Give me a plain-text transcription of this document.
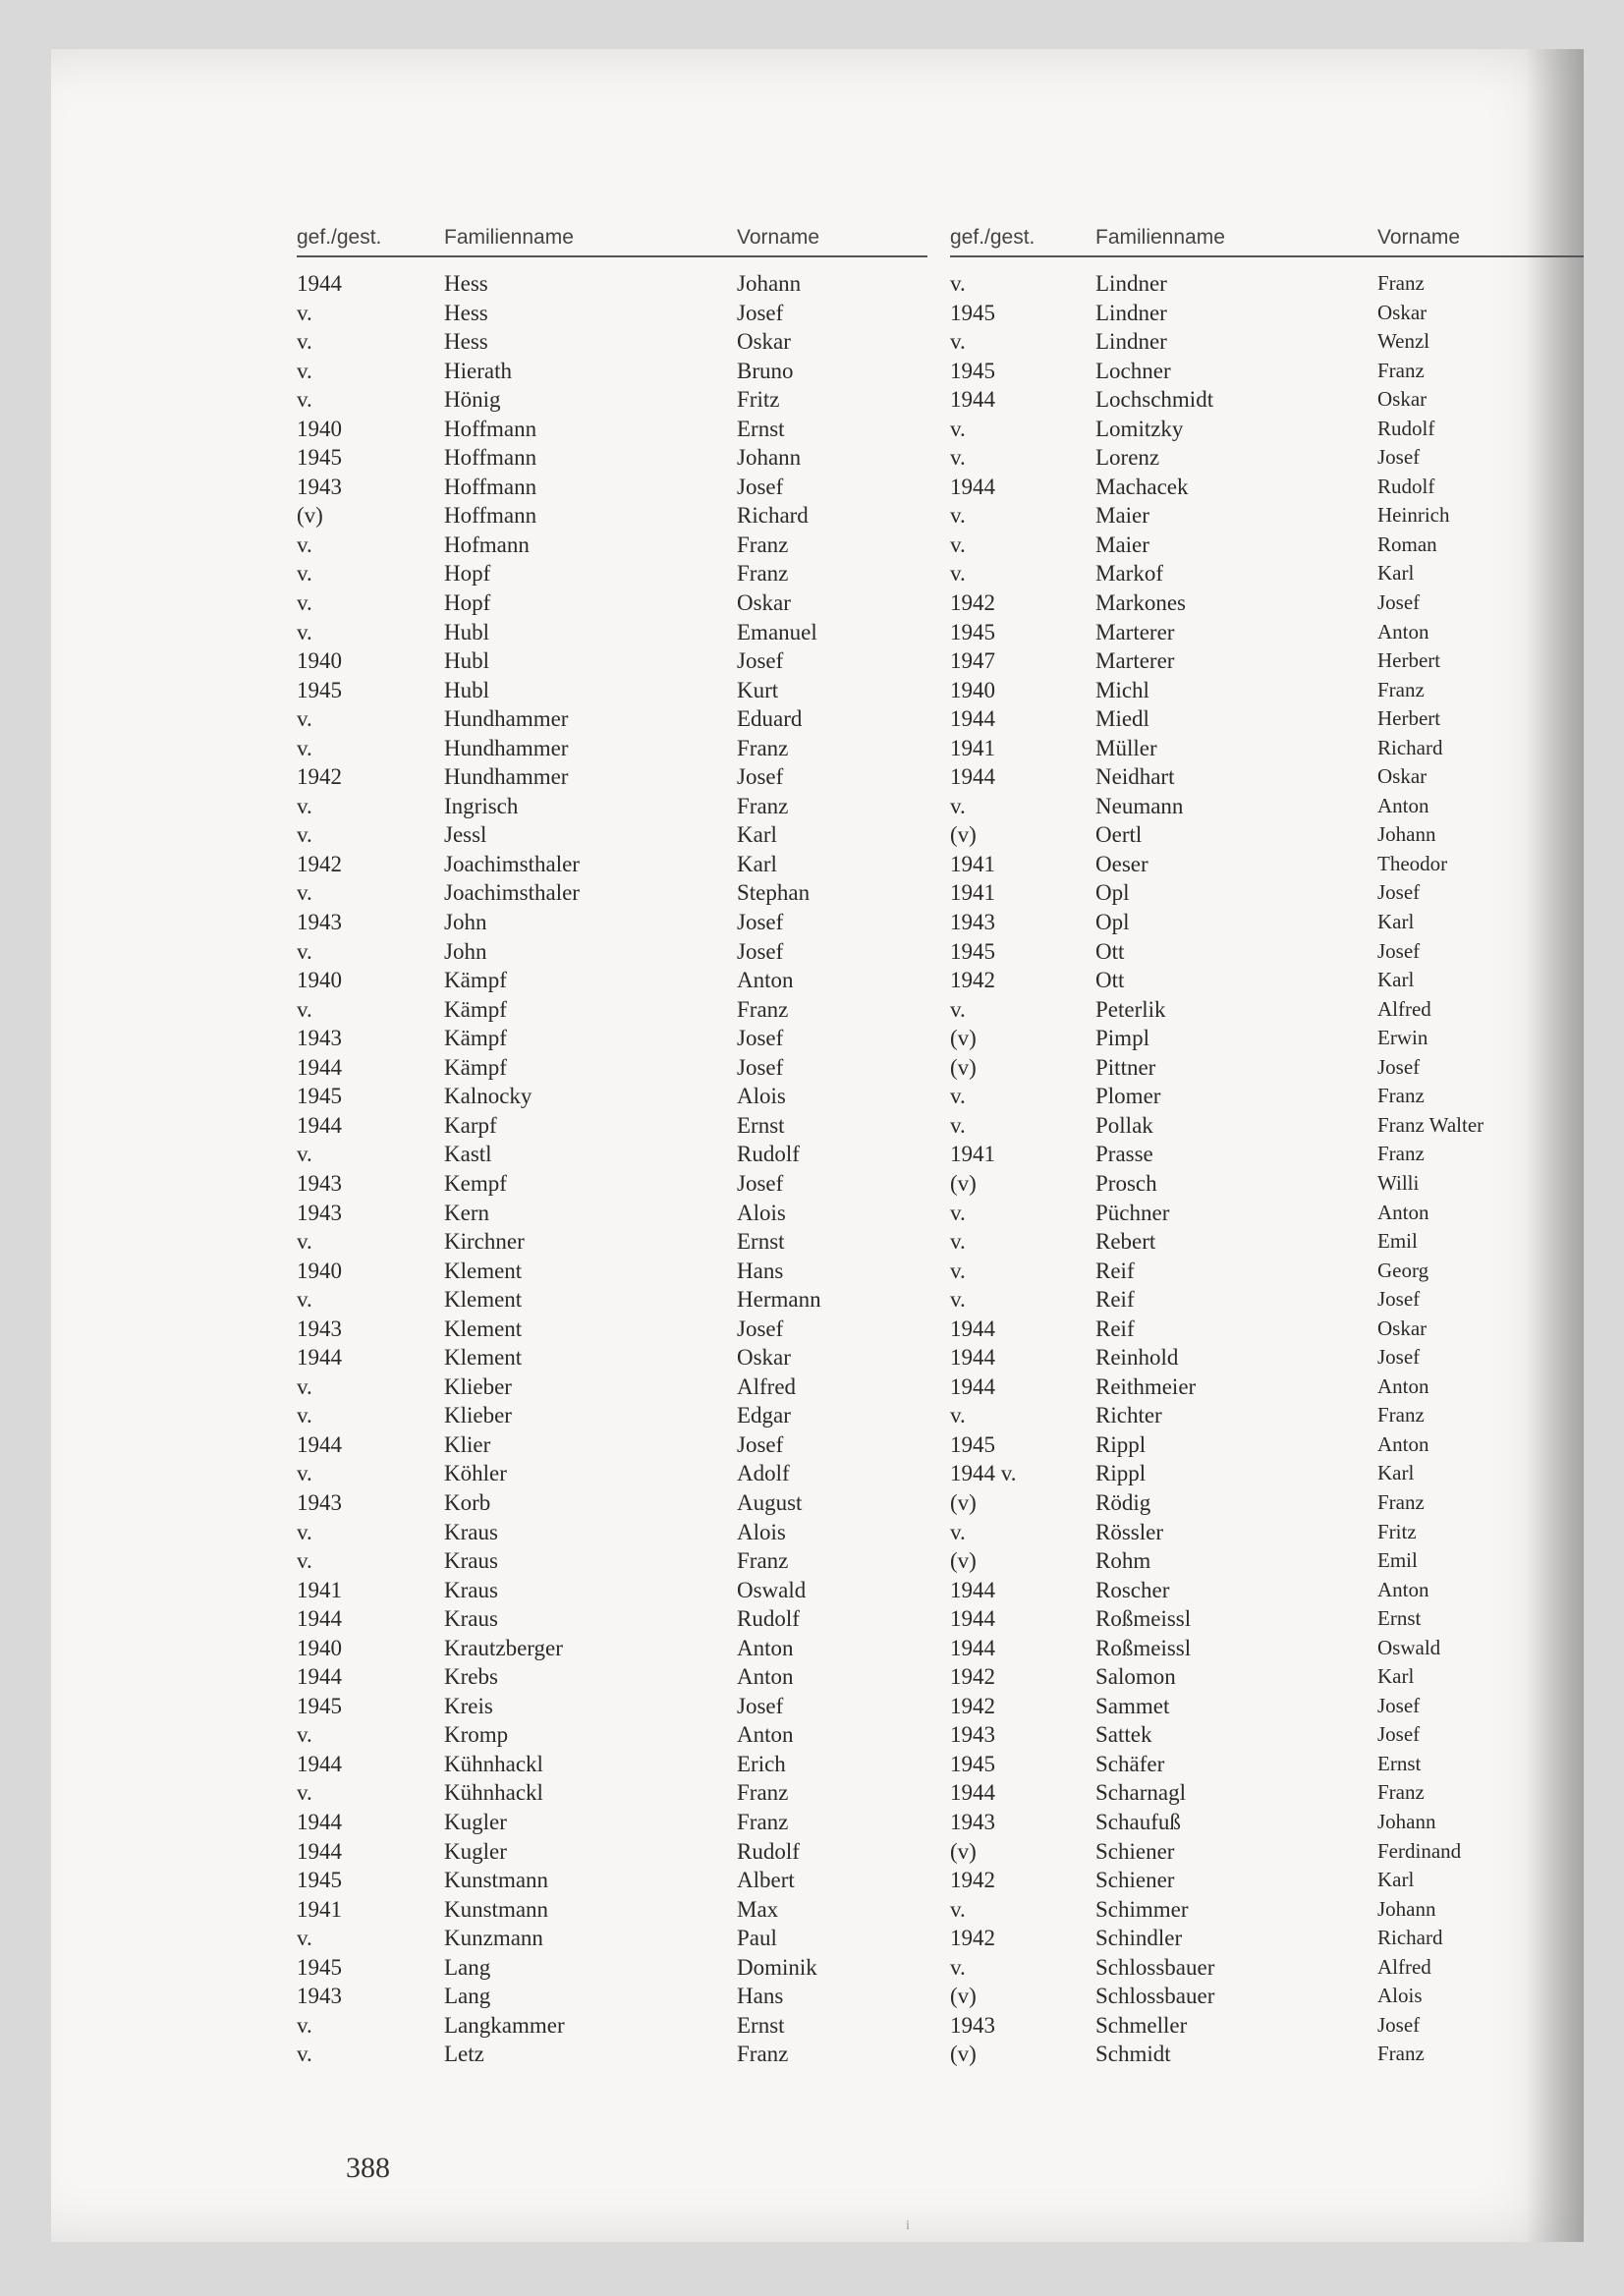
gef./gest.	Familienname	Vorname
1944	Hess	Johann
v.	Hess	Josef
v.	Hess	Oskar
v.	Hierath	Bruno
v.	Hönig	Fritz
1940	Hoffmann	Ernst
1945	Hoffmann	Johann
1943	Hoffmann	Josef
(v)	Hoffmann	Richard
v.	Hofmann	Franz
v.	Hopf	Franz
v.	Hopf	Oskar
v.	Hubl	Emanuel
1940	Hubl	Josef
1945	Hubl	Kurt
v.	Hundhammer	Eduard
v.	Hundhammer	Franz
1942	Hundhammer	Josef
v.	Ingrisch	Franz
v.	Jessl	Karl
1942	Joachimsthaler	Karl
v.	Joachimsthaler	Stephan
1943	John	Josef
v.	John	Josef
1940	Kämpf	Anton
v.	Kämpf	Franz
1943	Kämpf	Josef
1944	Kämpf	Josef
1945	Kalnocky	Alois
1944	Karpf	Ernst
v.	Kastl	Rudolf
1943	Kempf	Josef
1943	Kern	Alois
v.	Kirchner	Ernst
1940	Klement	Hans
v.	Klement	Hermann
1943	Klement	Josef
1944	Klement	Oskar
v.	Klieber	Alfred
v.	Klieber	Edgar
1944	Klier	Josef
v.	Köhler	Adolf
1943	Korb	August
v.	Kraus	Alois
v.	Kraus	Franz
1941	Kraus	Oswald
1944	Kraus	Rudolf
1940	Krautzberger	Anton
1944	Krebs	Anton
1945	Kreis	Josef
v.	Kromp	Anton
1944	Kühnhackl	Erich
v.	Kühnhackl	Franz
1944	Kugler	Franz
1944	Kugler	Rudolf
1945	Kunstmann	Albert
1941	Kunstmann	Max
v.	Kunzmann	Paul
1945	Lang	Dominik
1943	Lang	Hans
v.	Langkammer	Ernst
v.	Letz	Franz
gef./gest.	Familienname	Vorname
v.	Lindner	Franz
1945	Lindner	Oskar
v.	Lindner	Wenzl
1945	Lochner	Franz
1944	Lochschmidt	Oskar
v.	Lomitzky	Rudolf
v.	Lorenz	Josef
1944	Machacek	Rudolf
v.	Maier	Heinrich
v.	Maier	Roman
v.	Markof	Karl
1942	Markones	Josef
1945	Marterer	Anton
1947	Marterer	Herbert
1940	Michl	Franz
1944	Miedl	Herbert
1941	Müller	Richard
1944	Neidhart	Oskar
v.	Neumann	Anton
(v)	Oertl	Johann
1941	Oeser	Theodor
1941	Opl	Josef
1943	Opl	Karl
1945	Ott	Josef
1942	Ott	Karl
v.	Peterlik	Alfred
(v)	Pimpl	Erwin
(v)	Pittner	Josef
v.	Plomer	Franz
v.	Pollak	Franz Walter
1941	Prasse	Franz
(v)	Prosch	Willi
v.	Püchner	Anton
v.	Rebert	Emil
v.	Reif	Georg
v.	Reif	Josef
1944	Reif	Oskar
1944	Reinhold	Josef
1944	Reithmeier	Anton
v.	Richter	Franz
1945	Rippl	Anton
1944 v.	Rippl	Karl
(v)	Rödig	Franz
v.	Rössler	Fritz
(v)	Rohm	Emil
1944	Roscher	Anton
1944	Roßmeissl	Ernst
1944	Roßmeissl	Oswald
1942	Salomon	Karl
1942	Sammet	Josef
1943	Sattek	Josef
1945	Schäfer	Ernst
1944	Scharnagl	Franz
1943	Schaufuß	Johann
(v)	Schiener	Ferdinand
1942	Schiener	Karl
v.	Schimmer	Johann
1942	Schindler	Richard
v.	Schlossbauer	Alfred
(v)	Schlossbauer	Alois
1943	Schmeller	Josef
(v)	Schmidt	Franz
388
i
